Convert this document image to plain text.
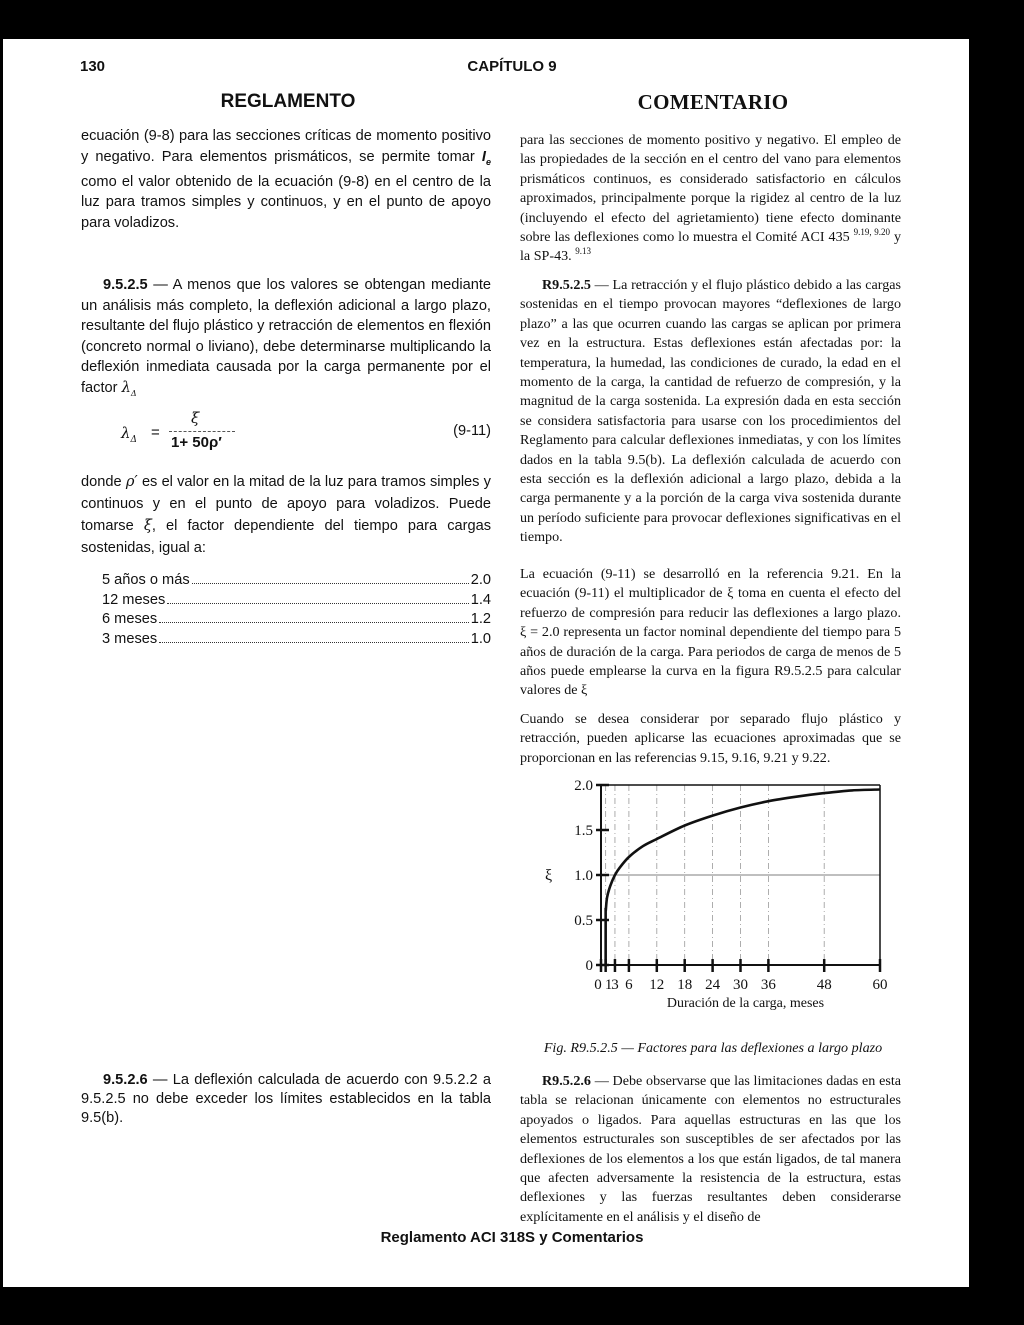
130	CAPÍTULO 9
REGLAMENTO	COMENTARIO
ecuación (9-8) para las secciones críticas de momento positivo y negativo. Para elementos prismáticos, se permite tomar $I_e$ como el valor obtenido de la ecuación (9-8) en el centro de la luz para tramos simples y continuos, y en el punto de apoyo para voladizos.
9.5.2.5 — A menos que los valores se obtengan mediante un análisis más completo, la deflexión adicional a largo plazo, resultante del flujo plástico y retracción de elementos en flexión (concreto normal o liviano), debe determinarse multiplicando la deflexión inmediata causada por la carga permanente por el factor $\lambda_\Delta$
$\lambda_\Delta$ =
ξ
1+ 50ρ′
(9-11)
donde ρ′ es el valor en la mitad de la luz para tramos simples y continuos y en el punto de apoyo para voladizos. Puede tomarse ξ, el factor dependiente del tiempo para cargas sostenidas, igual a:
5 años o más	2.0
12 meses	1.4
6 meses	1.2
3 meses	1.0
9.5.2.6 — La deflexión calculada de acuerdo con 9.5.2.2 a 9.5.2.5 no debe exceder los límites establecidos en la tabla 9.5(b).
para las secciones de momento positivo y negativo. El empleo de las propiedades de la sección en el centro del vano para elementos prismáticos continuos, es considerado satisfactorio en cálculos aproximados, principalmente porque la rigidez al centro de la luz (incluyendo el efecto del agrietamiento) tiene efecto dominante sobre las deflexiones como lo muestra el Comité ACI 435 $^{9.19, 9.20}$ y la SP-43. $^{9.13}$
R9.5.2.5 — La retracción y el flujo plástico debido a las cargas sostenidas en el tiempo provocan mayores “deflexiones de largo plazo” a las que ocurren cuando las cargas se aplican por primera vez en la estructura. Estas deflexiones están afectadas por: la temperatura, la humedad, las condiciones de curado, la edad en el momento de la carga, la cantidad de refuerzo de compresión, y la magnitud de la carga sostenida. La expresión dada en esta sección se considera satisfactoria para usarse con los procedimientos del Reglamento para calcular deflexiones inmediatas, y con los límites dados en la tabla 9.5(b). La deflexión calculada de acuerdo con esta sección es la deflexión adicional a largo plazo, debida a la carga permanente y a la porción de la carga viva sostenida durante un período suficiente para provocar deflexiones significativas en el tiempo.
La ecuación (9-11) se desarrolló en la referencia 9.21. En la ecuación (9-11) el multiplicador de ξ toma en cuenta el efecto del refuerzo de compresión para reducir las deflexiones a largo plazo. ξ = 2.0 representa un factor nominal dependiente del tiempo para 5 años de duración de la carga. Para periodos de carga de menos de 5 años puede emplearse la curva en la figura R9.5.2.5 para calcular valores de ξ
Cuando se desea considerar por separado flujo plástico y retracción, pueden aplicarse las ecuaciones aproximadas que se proporcionan en las referencias 9.15, 9.16, 9.21 y 9.22.
0
0.5
1.0
1.5
2.0
0 1
3 6 12 18 24 30 36	48	60
ξ
Duración de la carga, meses
Fig. R9.5.2.5 — Factores para las deflexiones a largo plazo
R9.5.2.6 — Debe observarse que las limitaciones dadas en esta tabla se relacionan únicamente con elementos no estructurales apoyados o ligados. Para aquellas estructuras en las que los elementos estructurales son susceptibles de ser afectados por las deflexiones de los elementos a los que están ligados, de tal manera que afecten adversamente la resistencia de la estructura, estas deflexiones y las fuerzas resultantes deben considerarse explícitamente en el análisis y el diseño de
Reglamento ACI 318S y Comentarios
